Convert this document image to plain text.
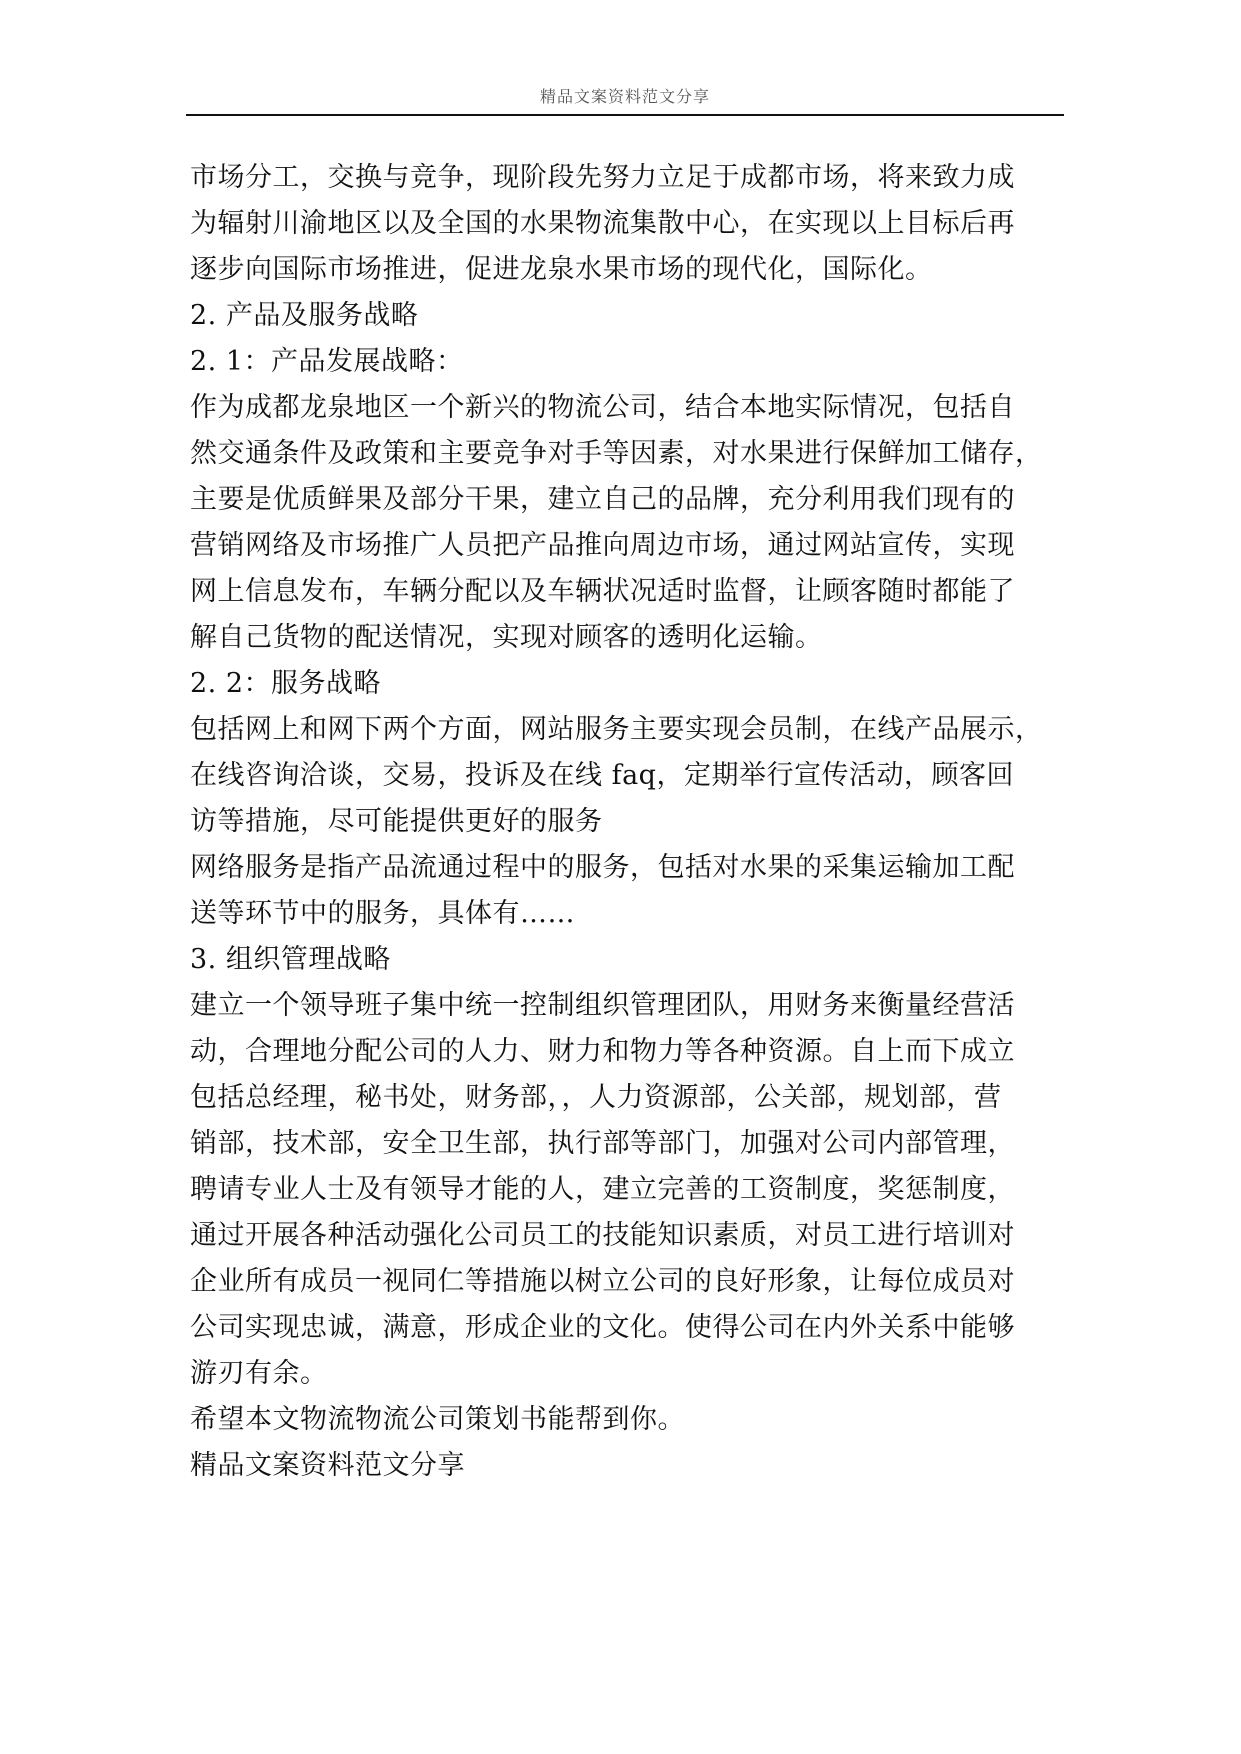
精品文案资料范文分享
市场分工，交换与竞争，现阶段先努力立足于成都市场，将来致力成
为辐射川渝地区以及全国的水果物流集散中心，在实现以上目标后再
逐步向国际市场推进，促进龙泉水果市场的现代化，国际化。
2. 产品及服务战略
2. 1：产品发展战略：
作为成都龙泉地区一个新兴的物流公司，结合本地实际情况，包括自
然交通条件及政策和主要竞争对手等因素，对水果进行保鲜加工储存，
主要是优质鲜果及部分干果，建立自己的品牌，充分利用我们现有的
营销网络及市场推广人员把产品推向周边市场，通过网站宣传，实现
网上信息发布，车辆分配以及车辆状况适时监督，让顾客随时都能了
解自己货物的配送情况，实现对顾客的透明化运输。
2. 2：服务战略
包括网上和网下两个方面，网站服务主要实现会员制，在线产品展示，
在线咨询洽谈，交易，投诉及在线 faq，定期举行宣传活动，顾客回
访等措施，尽可能提供更好的服务
网络服务是指产品流通过程中的服务，包括对水果的采集运输加工配
送等环节中的服务，具体有……
3. 组织管理战略
建立一个领导班子集中统一控制组织管理团队，用财务来衡量经营活
动，合理地分配公司的人力、财力和物力等各种资源。自上而下成立
包括总经理，秘书处，财务部，，人力资源部，公关部，规划部，营
销部，技术部，安全卫生部，执行部等部门，加强对公司内部管理，
聘请专业人士及有领导才能的人，建立完善的工资制度，奖惩制度，
通过开展各种活动强化公司员工的技能知识素质，对员工进行培训对
企业所有成员一视同仁等措施以树立公司的良好形象，让每位成员对
公司实现忠诚，满意，形成企业的文化。使得公司在内外关系中能够
游刃有余。
希望本文物流物流公司策划书能帮到你。
精品文案资料范文分享
